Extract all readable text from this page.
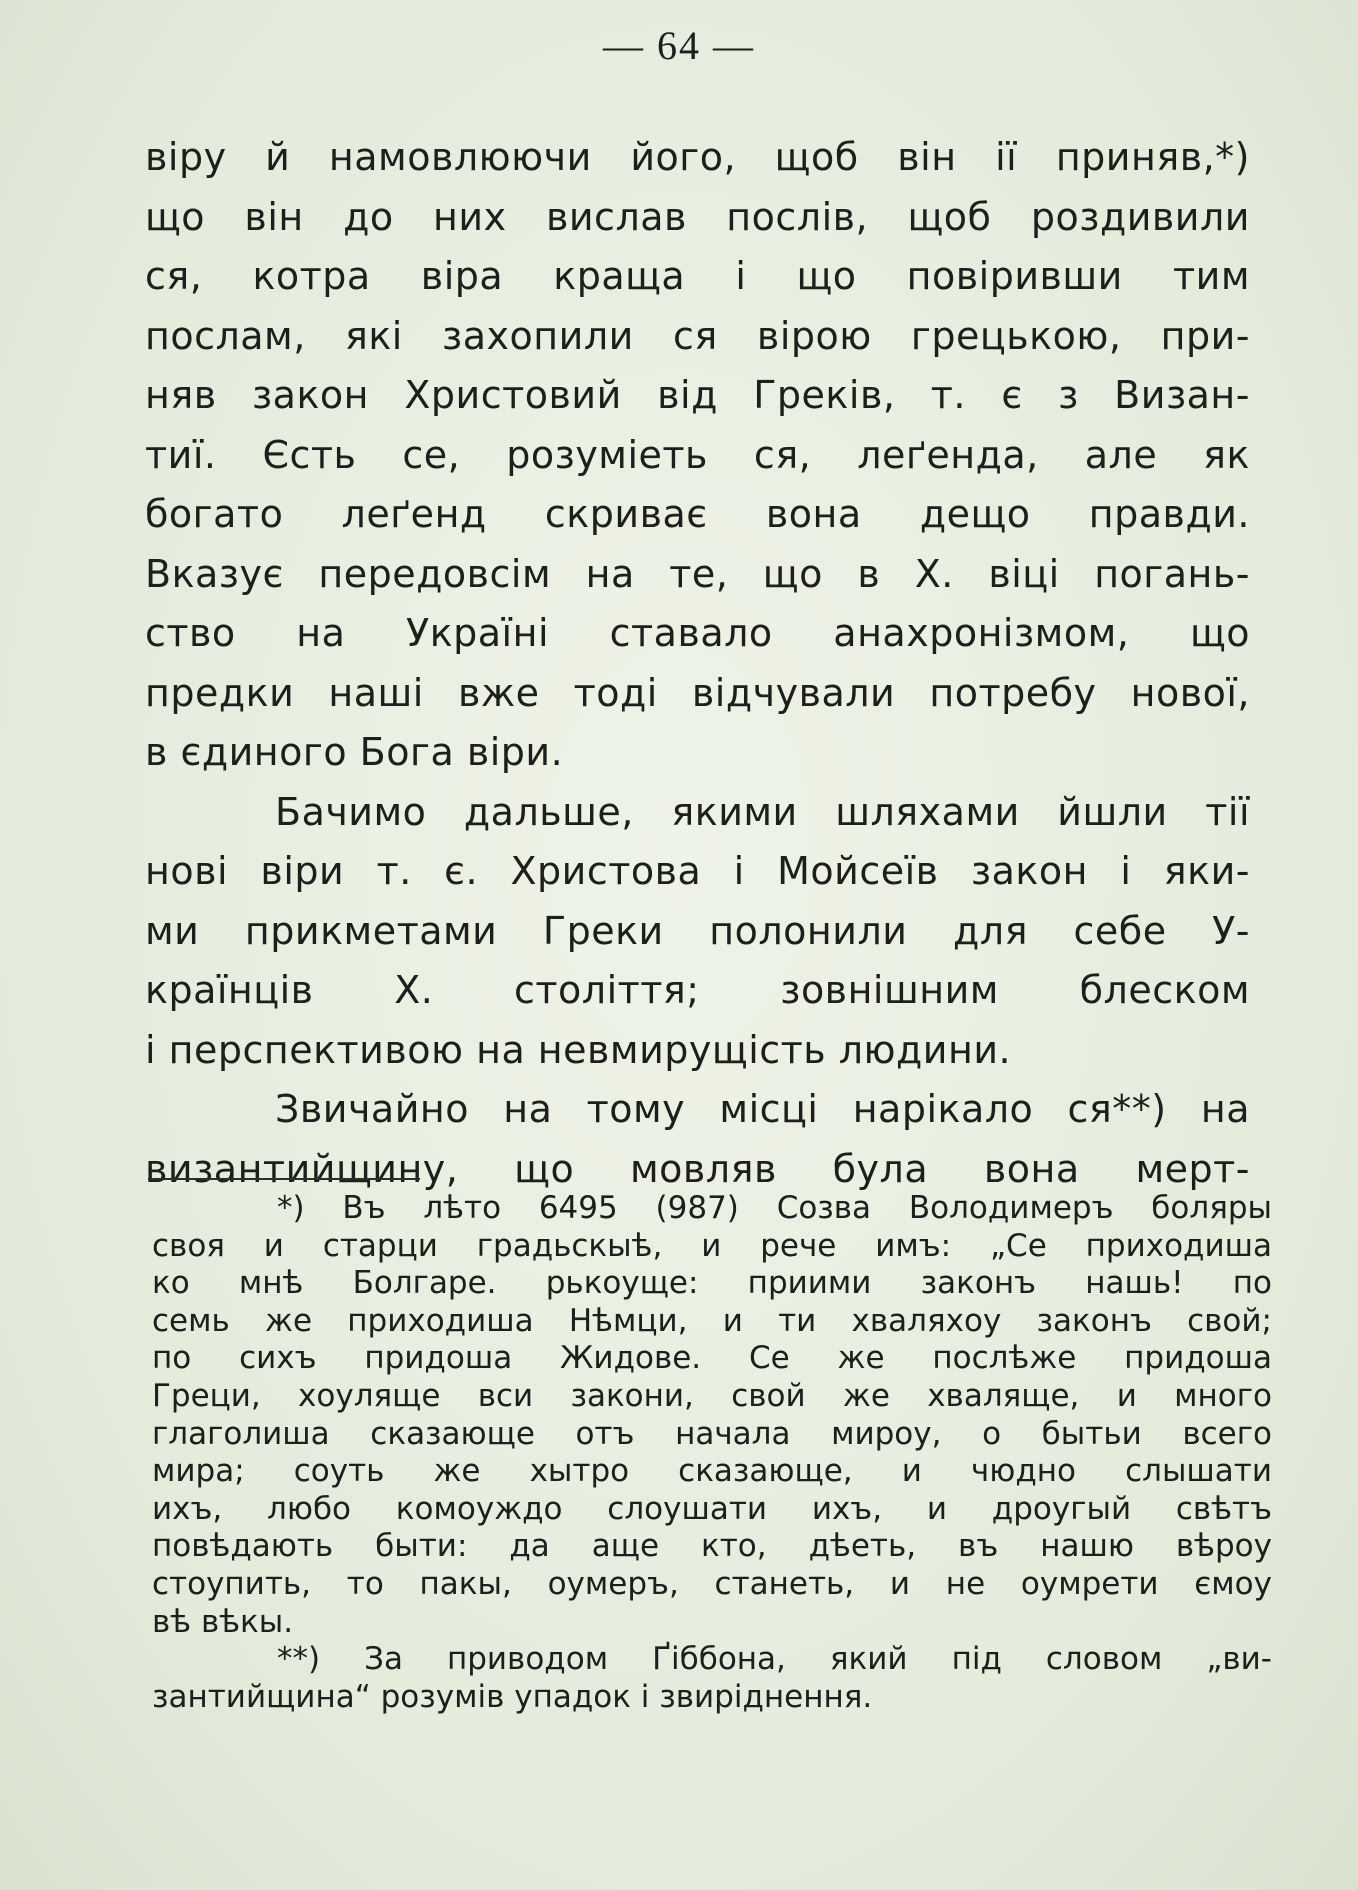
— 64 —
віру й намовлюючи його, щоб він ії приняв,*)
що він до них вислав послів, щоб роздивили
ся, котра віра краща і що повіривши тим
послам, які захопили ся вірою грецькою, при-
няв закон Христовий від Греків, т. є з Визан-
тиї. Єсть се, розуміеть ся, леґенда, але як
богато леґенд скриває вона дещо правди.
Вказує передовсім на те, що в Х. віці погань-
ство на Україні ставало анахронізмом, що
предки наші вже тоді відчували потребу нової,
в єдиного Бога віри.
Бачимо дальше, якими шляхами йшли тії
нові віри т. є. Христова і Мойсеїв закон і яки-
ми прикметами Греки полонили для себе У-
країнців Х. століття; зовнішним блеском
і перспективою на невмирущість людини.
Звичайно на тому місці нарікало ся**) на
византийщину, що мовляв була вона мерт-
*) Въ лѣто 6495 (987) Созва Володимеръ боляры
своя и старци градьскыѣ, и рече имъ: „Се приходиша
ко мнѣ Болгаре. рькоуще: приими законъ нашь! по
семь же приходиша Нѣмци, и ти хваляхоу законъ свой;
по сихъ придоша Жидове. Се же послѣже придоша
Греци, хоуляще вси закони, свой же хваляще, и много
глаголиша сказающе отъ начала мироу, о бытьи всего
мира; соуть же хытро сказающе, и чюдно слышати
ихъ, любо комоуждо слоушати ихъ, и дроугый свѣтъ
повѣдають быти: да аще кто, дѣеть, въ нашю вѣроу
стоупить, то пакы, оумеръ, станеть, и не оумрети ємоу
вѣ вѣкы.
**) За приводом Ґіббона, який під словом „ви-
зантийщина“ розумів упадок і звиріднення.
